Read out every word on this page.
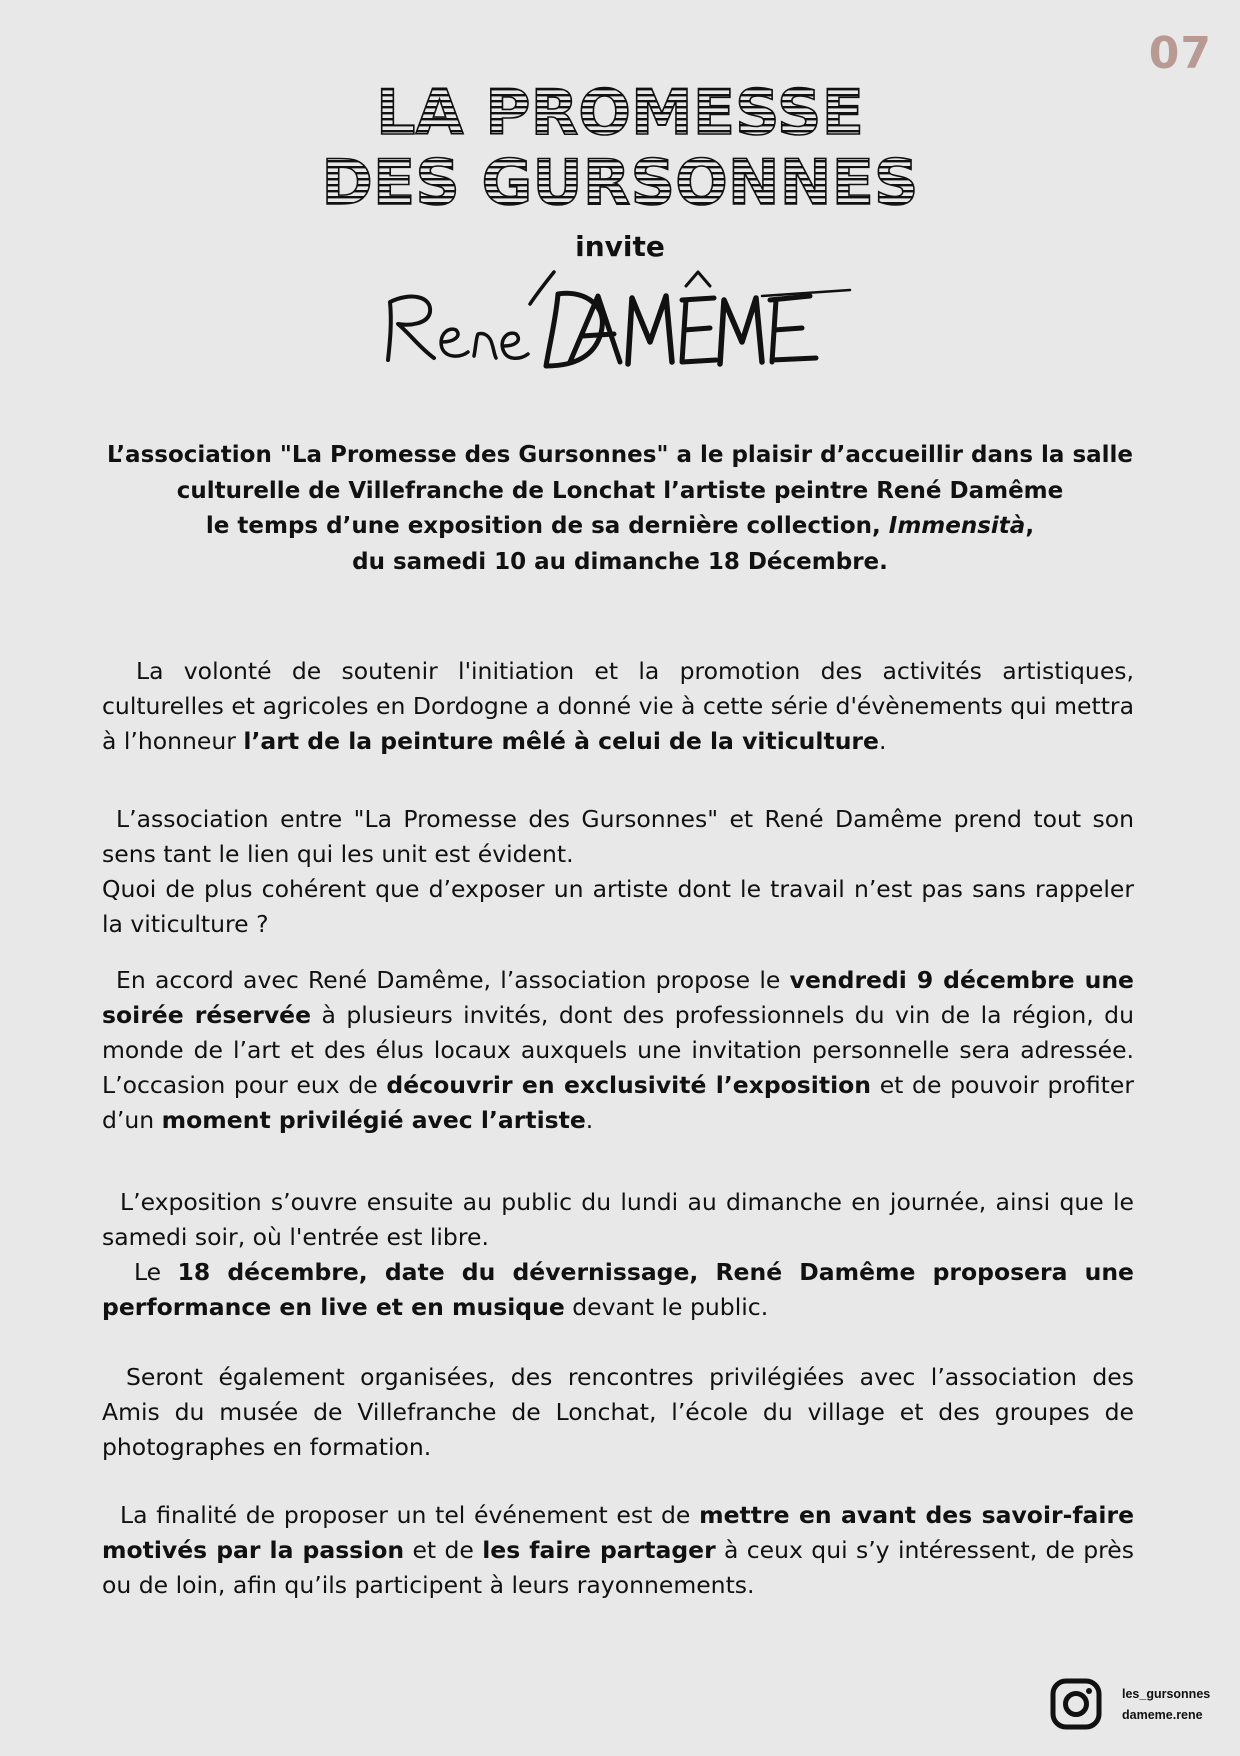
07
LA PROMESSE
DES GURSONNES
invite
René DAMÊME
L’association "La Promesse des Gursonnes" a le plaisir d’accueillir dans la salle
culturelle de Villefranche de Lonchat l’artiste peintre René Damême
le temps d’une exposition de sa dernière collection, Immensità,
du samedi 10 au dimanche 18 Décembre.
La volonté de soutenir l'initiation et la promotion des activités artistiques, culturelles et agricoles en Dordogne a donné vie à cette série d'évènements qui mettra à l’honneur l’art de la peinture mêlé à celui de la viticulture.
L’association entre "La Promesse des Gursonnes" et René Damême prend tout son sens tant le lien qui les unit est évident.
Quoi de plus cohérent que d’exposer un artiste dont le travail n’est pas sans rappeler la viticulture ?
En accord avec René Damême, l’association propose le vendredi 9 décembre une soirée réservée à plusieurs invités, dont des professionnels du vin de la région, du monde de l’art et des élus locaux auxquels une invitation personnelle sera adressée. L’occasion pour eux de découvrir en exclusivité l’exposition et de pouvoir profiter d’un moment privilégié avec l’artiste.
L’exposition s’ouvre ensuite au public du lundi au dimanche en journée, ainsi que le samedi soir, où l'entrée est libre.
Le 18 décembre, date du dévernissage, René Damême proposera une performance en live et en musique devant le public.
Seront également organisées, des rencontres privilégiées avec l’association des Amis du musée de Villefranche de Lonchat, l’école du village et des groupes de photographes en formation.
La finalité de proposer un tel événement est de mettre en avant des savoir-faire motivés par la passion et de les faire partager à ceux qui s’y intéressent, de près ou de loin, afin qu’ils participent à leurs rayonnements.
les_gursonnes
dameme.rene
